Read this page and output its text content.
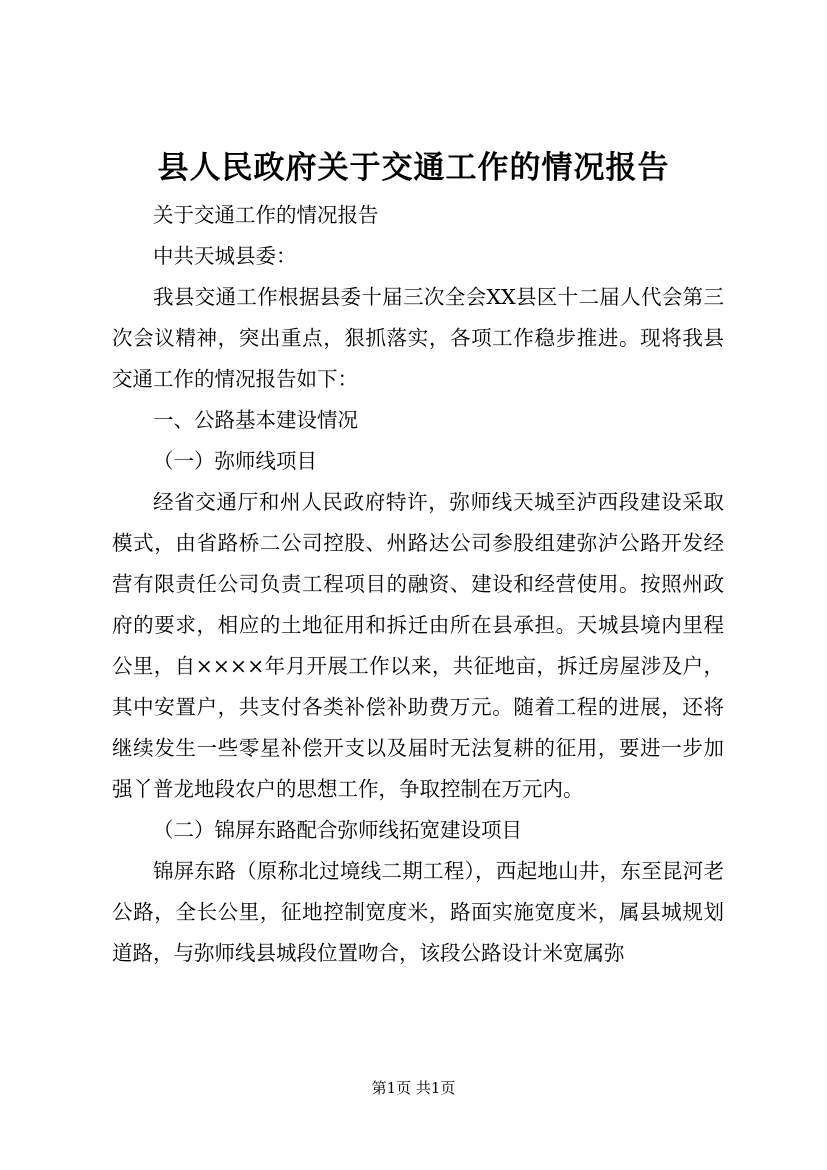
县人民政府关于交通工作的情况报告

关于交通工作的情况报告

中共天城县委：

我县交通工作根据县委十届三次全会XX县区十二届人代会第三次会议精神，突出重点，狠抓落实，各项工作稳步推进。现将我县交通工作的情况报告如下：

一、公路基本建设情况

（一）弥师线项目

经省交通厅和州人民政府特许，弥师线天城至泸西段建设采取模式，由省路桥二公司控股、州路达公司参股组建弥泸公路开发经营有限责任公司负责工程项目的融资、建设和经营使用。按照州政府的要求，相应的土地征用和拆迁由所在县承担。天城县境内里程公里，自××××年月开展工作以来，共征地亩，拆迁房屋涉及户，其中安置户，共支付各类补偿补助费万元。随着工程的进展，还将继续发生一些零星补偿开支以及届时无法复耕的征用，要进一步加强丫普龙地段农户的思想工作，争取控制在万元内。

（二）锦屏东路配合弥师线拓宽建设项目

锦屏东路（原称北过境线二期工程），西起地山井，东至昆河老公路，全长公里，征地控制宽度米，路面实施宽度米，属县城规划道路，与弥师线县城段位置吻合，该段公路设计米宽属弥

第1页 共1页
